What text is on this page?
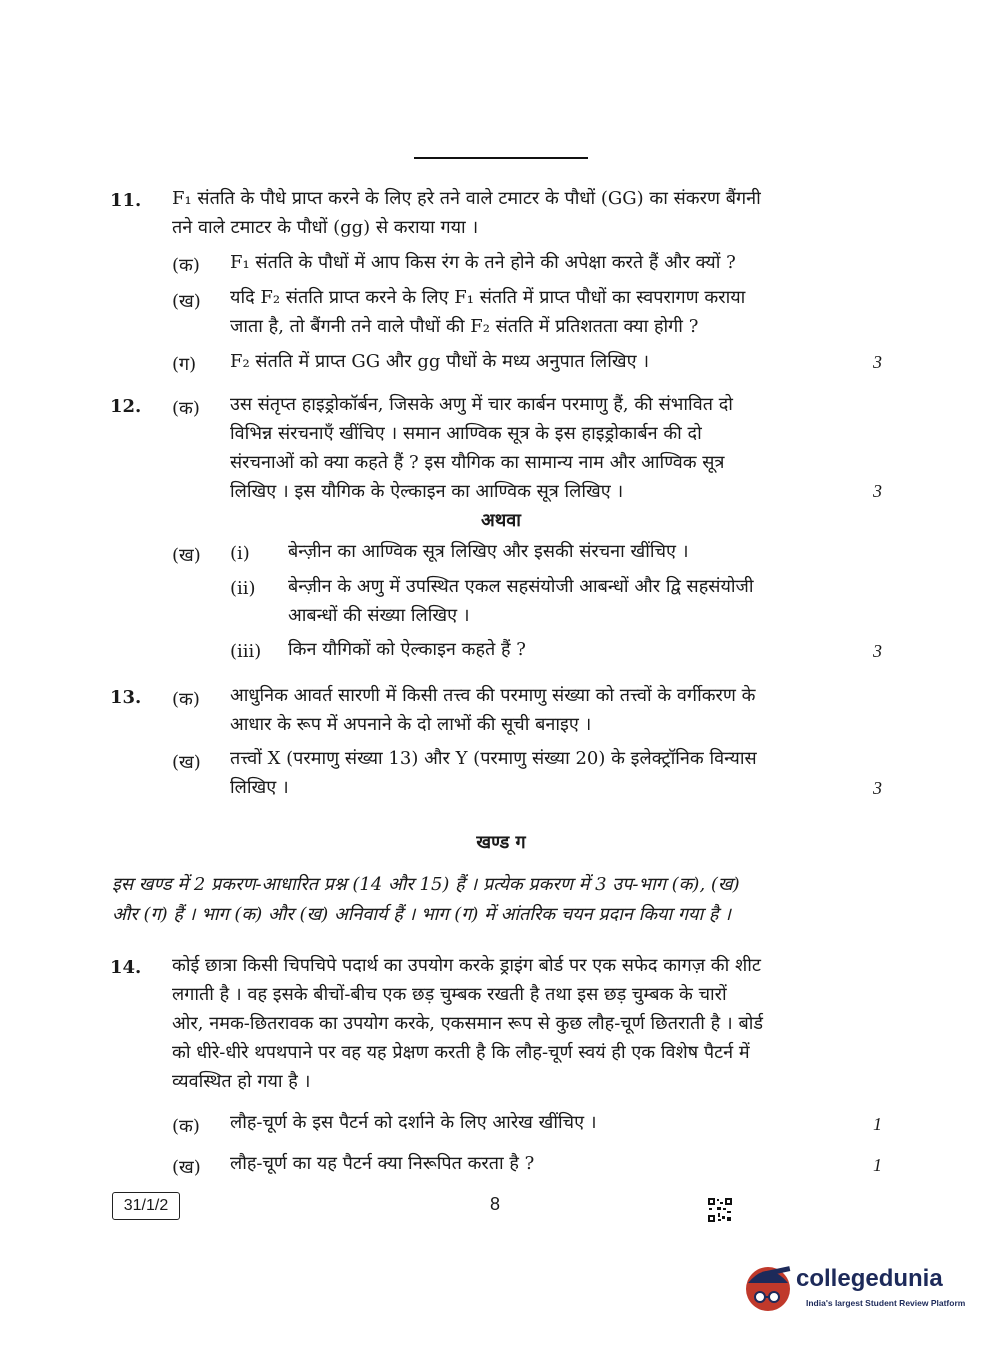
11. F₁ संतति के पौधे प्राप्त करने के लिए हरे तने वाले टमाटर के पौधों (GG) का संकरण बैंगनी
तने वाले टमाटर के पौधों (gg) से कराया गया ।
(क) F₁ संतति के पौधों में आप किस रंग के तने होने की अपेक्षा करते हैं और क्यों ?
(ख) यदि F₂ संतति प्राप्त करने के लिए F₁ संतति में प्राप्त पौधों का स्वपरागण कराया
जाता है, तो बैंगनी तने वाले पौधों की F₂ संतति में प्रतिशतता क्या होगी ?
(ग) F₂ संतति में प्राप्त GG और gg पौधों के मध्य अनुपात लिखिए ।	3
12. (क) उस संतृप्त हाइड्रोकॉर्बन, जिसके अणु में चार कार्बन परमाणु हैं, की संभावित दो
विभिन्न संरचनाएँ खींचिए । समान आण्विक सूत्र के इस हाइड्रोकार्बन की दो
संरचनाओं को क्या कहते हैं ? इस यौगिक का सामान्य नाम और आण्विक सूत्र
लिखिए । इस यौगिक के ऐल्काइन का आण्विक सूत्र लिखिए ।	3
अथवा
(ख) (i) बेन्ज़ीन का आण्विक सूत्र लिखिए और इसकी संरचना खींचिए ।
(ii) बेन्ज़ीन के अणु में उपस्थित एकल सहसंयोजी आबन्धों और द्वि सहसंयोजी
आबन्धों की संख्या लिखिए ।
(iii) किन यौगिकों को ऐल्काइन कहते हैं ?	3
13. (क) आधुनिक आवर्त सारणी में किसी तत्त्व की परमाणु संख्या को तत्त्वों के वर्गीकरण के
आधार के रूप में अपनाने के दो लाभों की सूची बनाइए ।
(ख) तत्त्वों X (परमाणु संख्या 13) और Y (परमाणु संख्या 20) के इलेक्ट्रॉनिक विन्यास
लिखिए ।	3
खण्ड ग
इस खण्ड में 2 प्रकरण-आधारित प्रश्न (14 और 15) हैं । प्रत्येक प्रकरण में 3 उप-भाग (क), (ख)
और (ग) हैं । भाग (क) और (ख) अनिवार्य हैं । भाग (ग) में आंतरिक चयन प्रदान किया गया है ।
14. कोई छात्रा किसी चिपचिपे पदार्थ का उपयोग करके ड्राइंग बोर्ड पर एक सफेद कागज़ की शीट
लगाती है । वह इसके बीचों-बीच एक छड़ चुम्बक रखती है तथा इस छड़ चुम्बक के चारों
ओर, नमक-छितरावक का उपयोग करके, एकसमान रूप से कुछ लौह-चूर्ण छितराती है । बोर्ड
को धीरे-धीरे थपथपाने पर वह यह प्रेक्षण करती है कि लौह-चूर्ण स्वयं ही एक विशेष पैटर्न में
व्यवस्थित हो गया है ।
(क) लौह-चूर्ण के इस पैटर्न को दर्शाने के लिए आरेख खींचिए ।	1
(ख) लौह-चूर्ण का यह पैटर्न क्या निरूपित करता है ?	1
31/1/2	8
collegedunia
India's largest Student Review Platform
